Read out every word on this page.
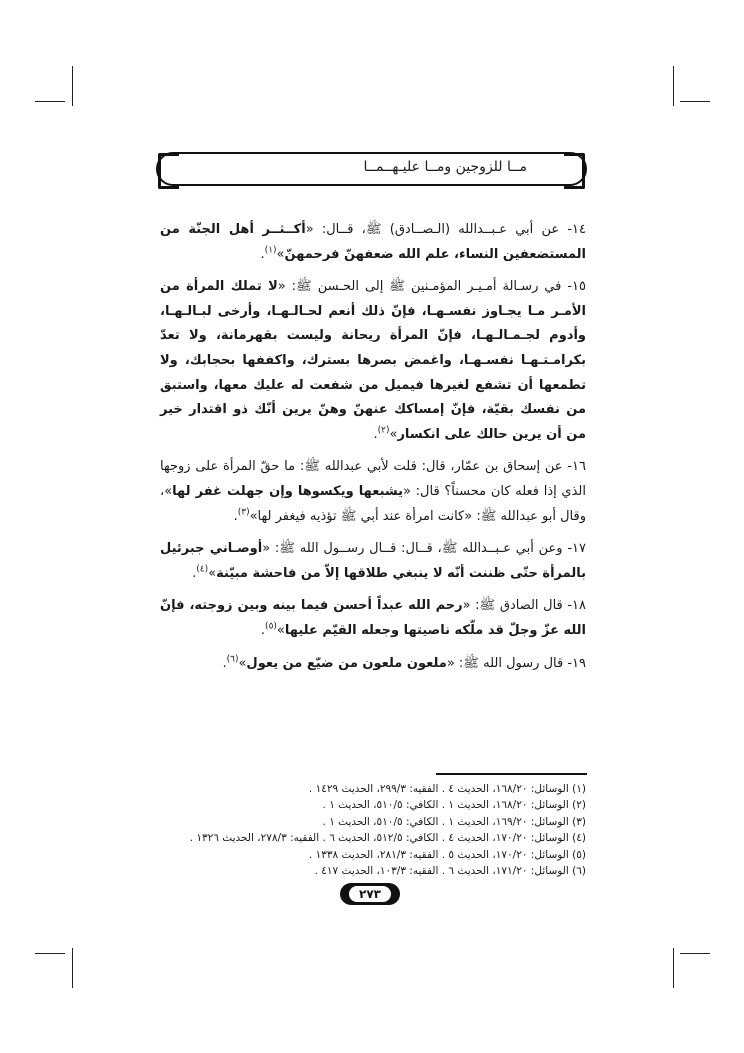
مــا للزوجين ومــا عليـهــمــا

١٤- عن أبي عـبــدالله (الـصــادق) ﷺ، قــال: «أكــثــر أهل الجنّة من المستضعفين النساء، علم الله ضعفهنّ فرحمهنّ»$^{(١)}$.

١٥- في رسـالة أمـيـر المؤمـنين ﷺ إلى الحـسن ﷺ: «لا تملك المرأة من الأمـر مـا يجـاوز نفسـهـا، فإنّ ذلك أنعم لحـالـهـا، وأرخى لبـالـهـا، وأدوم لجـمـالـهـا، فإنّ المرأة ريحانة وليست بقهرمانة، ولا تعدّ بكرامـتـهـا نفسـهـا، واغمض بصرها بسترك، واكففها بحجابك، ولا تطمعها أن تشفع لغيرها فيميل من شفعت له عليك معها، واستبق من نفسك بقيّة، فإنّ إمساكك عنهنّ وهنّ يرين أنّك ذو اقتدار خير من أن يرين حالك على انكسار»$^{(٢)}$.

١٦- عن إسحاق بن عمّار، قال: قلت لأبي عبدالله ﷺ: ما حقّ المرأة على زوجها الذي إذا فعله كان محسناً؟ قال: «يشبعها ويكسوها وإن جهلت غفر لها»، وقال أبو عبدالله ﷺ: «كانت امرأة عند أبي ﷺ تؤذيه فيغفر لها»$^{(٣)}$.

١٧- وعن أبي عـبــدالله ﷺ، قــال: قــال رســول الله ﷺ: «أوصـاني جبرئيل بالمرأة حتّى ظننت أنّه لا ينبغي طلاقها إلاّ من فاحشة مبيّنة»$^{(٤)}$.

١٨- قال الصادق ﷺ: «رحم الله عبداً أحسن فيما بينه وبين زوجته، فإنّ الله عزّ وجلّ قد ملّكه ناصيتها وجعله القيّم عليها»$^{(٥)}$.

١٩- قال رسول الله ﷺ: «ملعون ملعون من ضيّع من يعول»$^{(٦)}$.

(١) الوسائل: ١٦٨/٢٠، الحديث ٤ . الفقيه: ٢٩٩/٣، الحديث ١٤٢٩ .
(٢) الوسائل: ١٦٨/٢٠، الحديث ١ . الكافي: ٥١٠/٥، الحديث ١ .
(٣) الوسائل: ١٦٩/٢٠، الحديث ١ . الكافي: ٥١٠/٥، الحديث ١ .
(٤) الوسائل: ١٧٠/٢٠، الحديث ٤ . الكافي: ٥١٢/٥، الحديث ٦ . الفقيه: ٢٧٨/٣، الحديث ١٣٢٦ .
(٥) الوسائل: ١٧٠/٢٠، الحديث ٥ . الفقيه: ٢٨١/٣، الحديث ١٣٣٨ .
(٦) الوسائل: ١٧١/٢٠، الحديث ٦ . الفقيه: ١٠٣/٣، الحديث ٤١٧ .
٢٧٣
